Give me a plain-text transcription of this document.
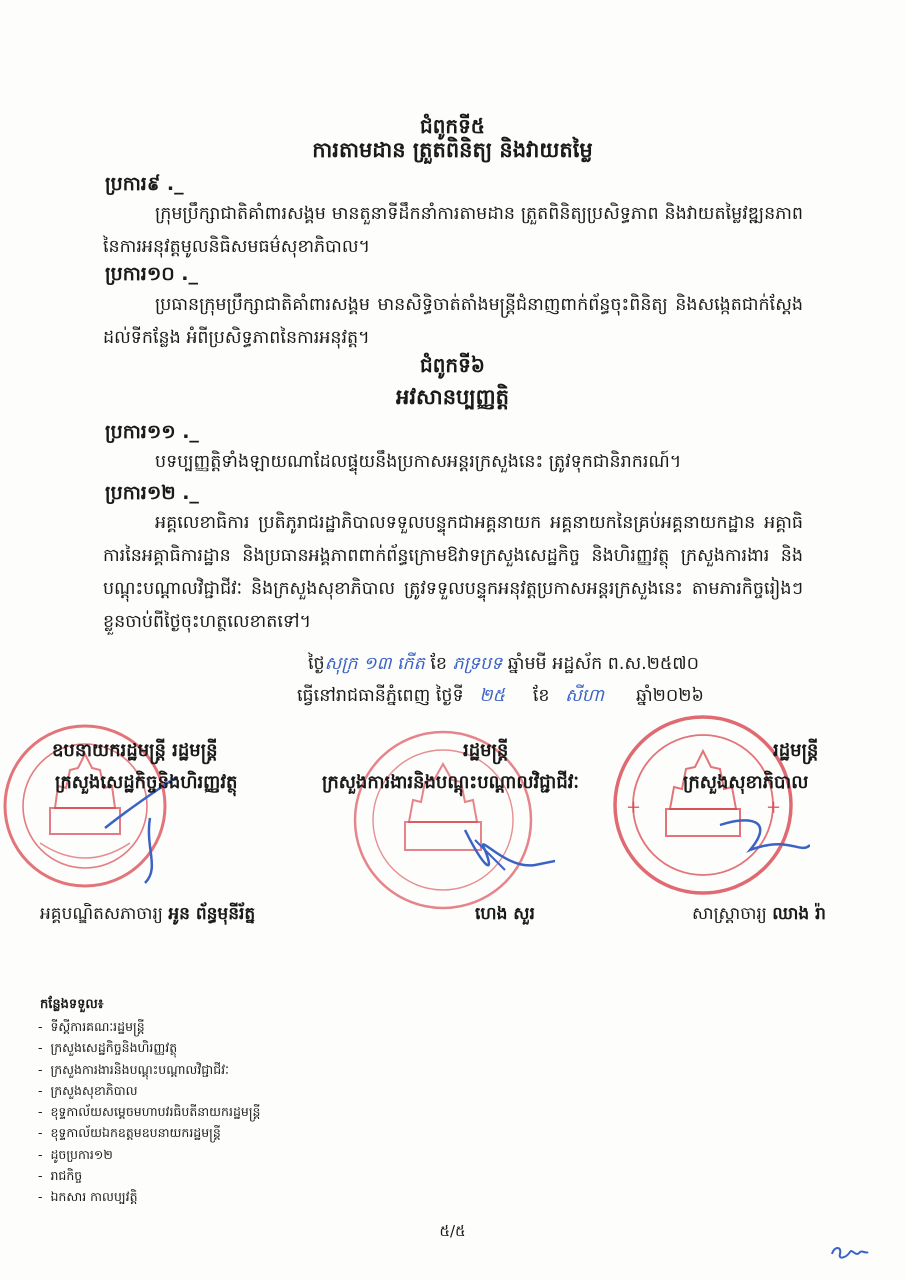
ជំពូកទី៥
ការតាមដាន ត្រួតពិនិត្យ និងវាយតម្លៃ
ប្រការ៩ ._
ក្រុមប្រឹក្សាជាតិគាំពារសង្គម មានតួនាទីដឹកនាំការតាមដាន ត្រួតពិនិត្យប្រសិទ្ធភាព និងវាយតម្លៃវឌ្ឍនភាពនៃការអនុវត្តមូលនិធិសមធម៌សុខាភិបាល។
ប្រការ១០ ._
ប្រធានក្រុមប្រឹក្សាជាតិគាំពារសង្គម មានសិទ្ធិចាត់តាំងមន្ត្រីជំនាញពាក់ព័ន្ធចុះពិនិត្យ និងសង្កេតជាក់ស្តែងដល់ទីកន្លែង អំពីប្រសិទ្ធភាពនៃការអនុវត្ត។
ជំពូកទី៦
អវសានប្បញ្ញត្តិ
ប្រការ១១ ._
បទប្បញ្ញត្តិទាំងឡាយណាដែលផ្ទុយនឹងប្រកាសអន្តរក្រសួងនេះ ត្រូវទុកជានិរាករណ៍។
ប្រការ១២ ._
អគ្គលេខាធិការ ប្រតិភូរាជរដ្ឋាភិបាលទទួលបន្ទុកជាអគ្គនាយក អគ្គនាយកនៃគ្រប់អគ្គនាយកដ្ឋាន អគ្គាធិការនៃអគ្គាធិការដ្ឋាន និងប្រធានអង្គភាពពាក់ព័ន្ធក្រោមឱវាទក្រសួងសេដ្ឋកិច្ច និងហិរញ្ញវត្ថុ ក្រសួងការងារ និងបណ្តុះបណ្តាលវិជ្ជាជីវៈ និងក្រសួងសុខាភិបាល ត្រូវទទួលបន្ទុកអនុវត្តប្រកាសអន្តរក្រសួងនេះ តាមភារកិច្ចរៀងៗខ្លួនចាប់ពីថ្ងៃចុះហត្ថលេខាតទៅ។
ថ្ងៃសុក្រ ១៣ កើត ខែ ភទ្របទ ឆ្នាំមមី អដ្ឋស័ក ព.ស.២៥៧០
ធ្វើនៅរាជធានីភ្នំពេញ ថ្ងៃទី ២៥ ខែ សីហា ឆ្នាំ២០២៦
+	+
ឧបនាយករដ្ឋមន្ត្រី រដ្ឋមន្ត្រី
ក្រសួងសេដ្ឋកិច្ចនិងហិរញ្ញវត្ថុ
រដ្ឋមន្ត្រី
ក្រសួងការងារនិងបណ្តុះបណ្តាលវិជ្ជាជីវៈ
រដ្ឋមន្ត្រី
ក្រសួងសុខាភិបាល
អគ្គបណ្ឌិតសភាចារ្យ អូន ព័ន្ធមុនីរ័ត្ន	ហេង សួរ	សាស្ត្រាចារ្យ ឈាង រ៉ា
កន្លែងទទួល៖
-  ទីស្តីការគណៈរដ្ឋមន្ត្រី
-  ក្រសួងសេដ្ឋកិច្ចនិងហិរញ្ញវត្ថុ
-  ក្រសួងការងារនិងបណ្តុះបណ្តាលវិជ្ជាជីវៈ
-  ក្រសួងសុខាភិបាល
-  ខុទ្ទកាល័យសម្តេចមហាបវរធិបតីនាយករដ្ឋមន្ត្រី
-  ខុទ្ទកាល័យឯកឧត្តមឧបនាយករដ្ឋមន្ត្រី
-  ដូចប្រការ១២
-  រាជកិច្ច
-  ឯកសារ កាលប្បវត្តិ
៥/៥
